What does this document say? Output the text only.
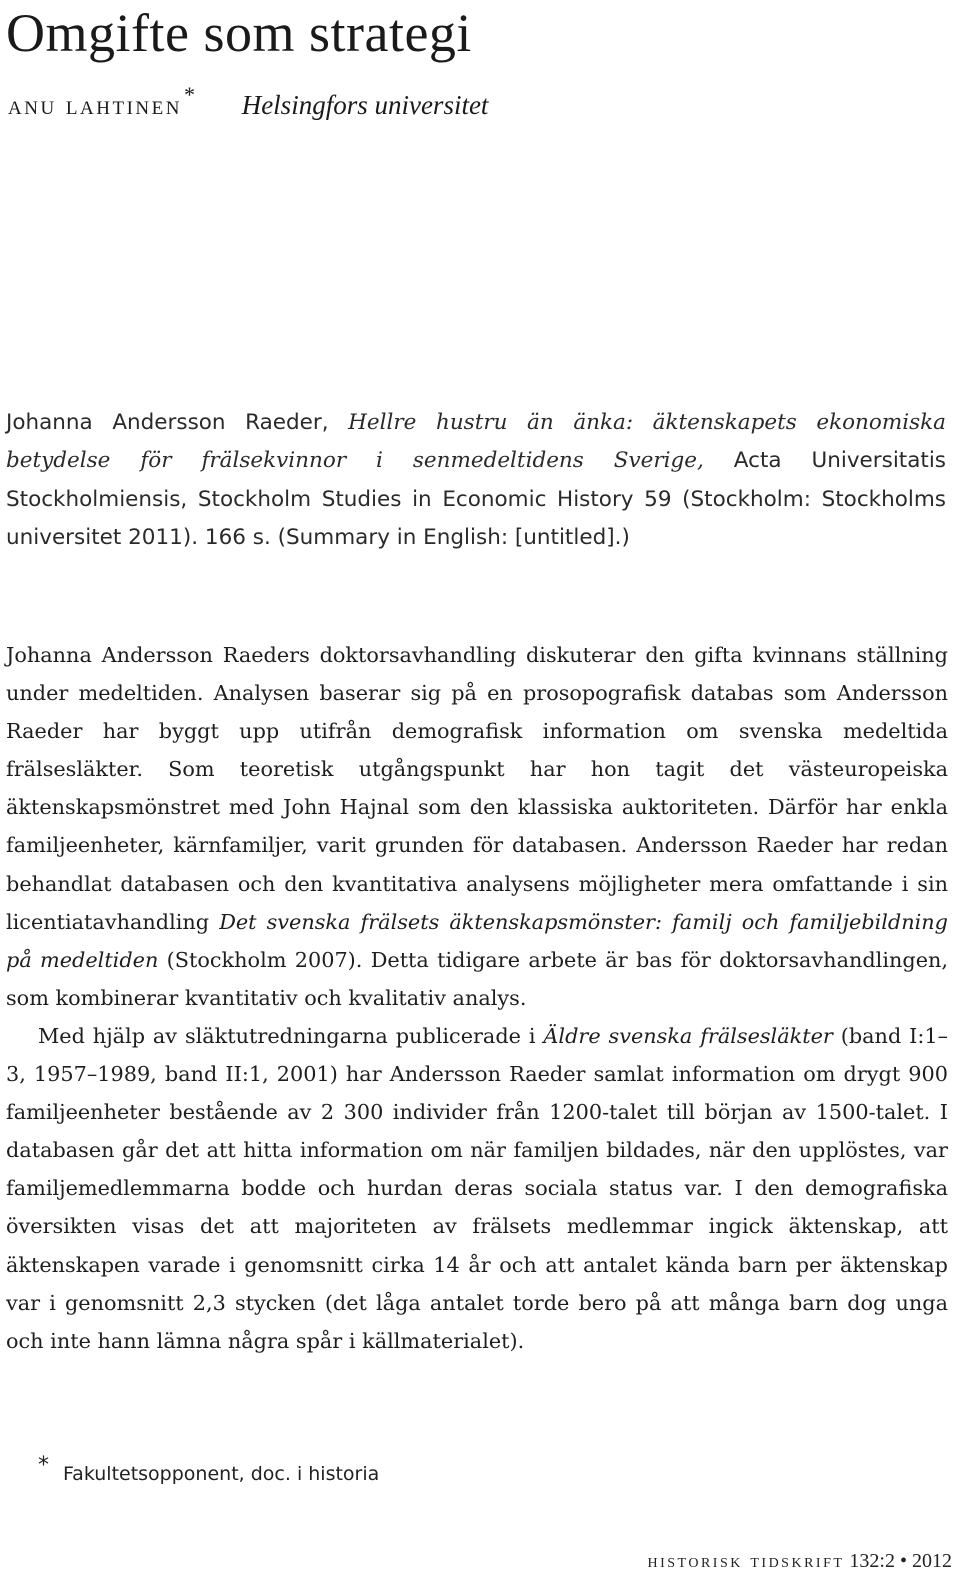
Omgifte som strategi
anu lahtinen* Helsingfors universitet
Johanna Andersson Raeder, Hellre hustru än änka: äktenskapets ekonomiska betydelse för frälsekvinnor i senmedeltidens Sverige, Acta Universitatis Stockholmiensis, Stockholm Studies in Economic History 59 (Stockholm: Stockholms universitet 2011). 166 s. (Summary in English: [untitled].)

Johanna Andersson Raeders doktorsavhandling diskuterar den gifta kvinnans ställning under medeltiden. Analysen baserar sig på en prosopografisk databas som Andersson Raeder har byggt upp utifrån demografisk information om svenska medeltida frälsesläkter. Som teoretisk utgångspunkt har hon tagit det västeuropeiska äktenskapsmönstret med John Hajnal som den klassiska auktoriteten. Därför har enkla familjeenheter, kärnfamiljer, varit grunden för databasen. Andersson Raeder har redan behandlat databasen och den kvantitativa analysens möjligheter mera omfattande i sin licentiatavhandling Det svenska frälsets äktenskapsmönster: familj och familjebildning på medeltiden (Stockholm 2007). Detta tidigare arbete är bas för doktorsavhandlingen, som kombinerar kvantitativ och kvalitativ analys.

Med hjälp av släktutredningarna publicerade i Äldre svenska frälsesläkter (band I:1–3, 1957–1989, band II:1, 2001) har Andersson Raeder samlat information om drygt 900 familjeenheter bestående av 2 300 individer från 1200-talet till början av 1500-talet. I databasen går det att hitta information om när familjen bildades, när den upplöstes, var familjemedlemmarna bodde och hurdan deras sociala status var. I den demografiska översikten visas det att majoriteten av frälsets medlemmar ingick äktenskap, att äktenskapen varade i genomsnitt cirka 14 år och att antalet kända barn per äktenskap var i genomsnitt 2,3 stycken (det låga antalet torde bero på att många barn dog unga och inte hann lämna några spår i källmaterialet).

* Fakultetsopponent, doc. i historia
historisk tidskrift 132:2 • 2012
